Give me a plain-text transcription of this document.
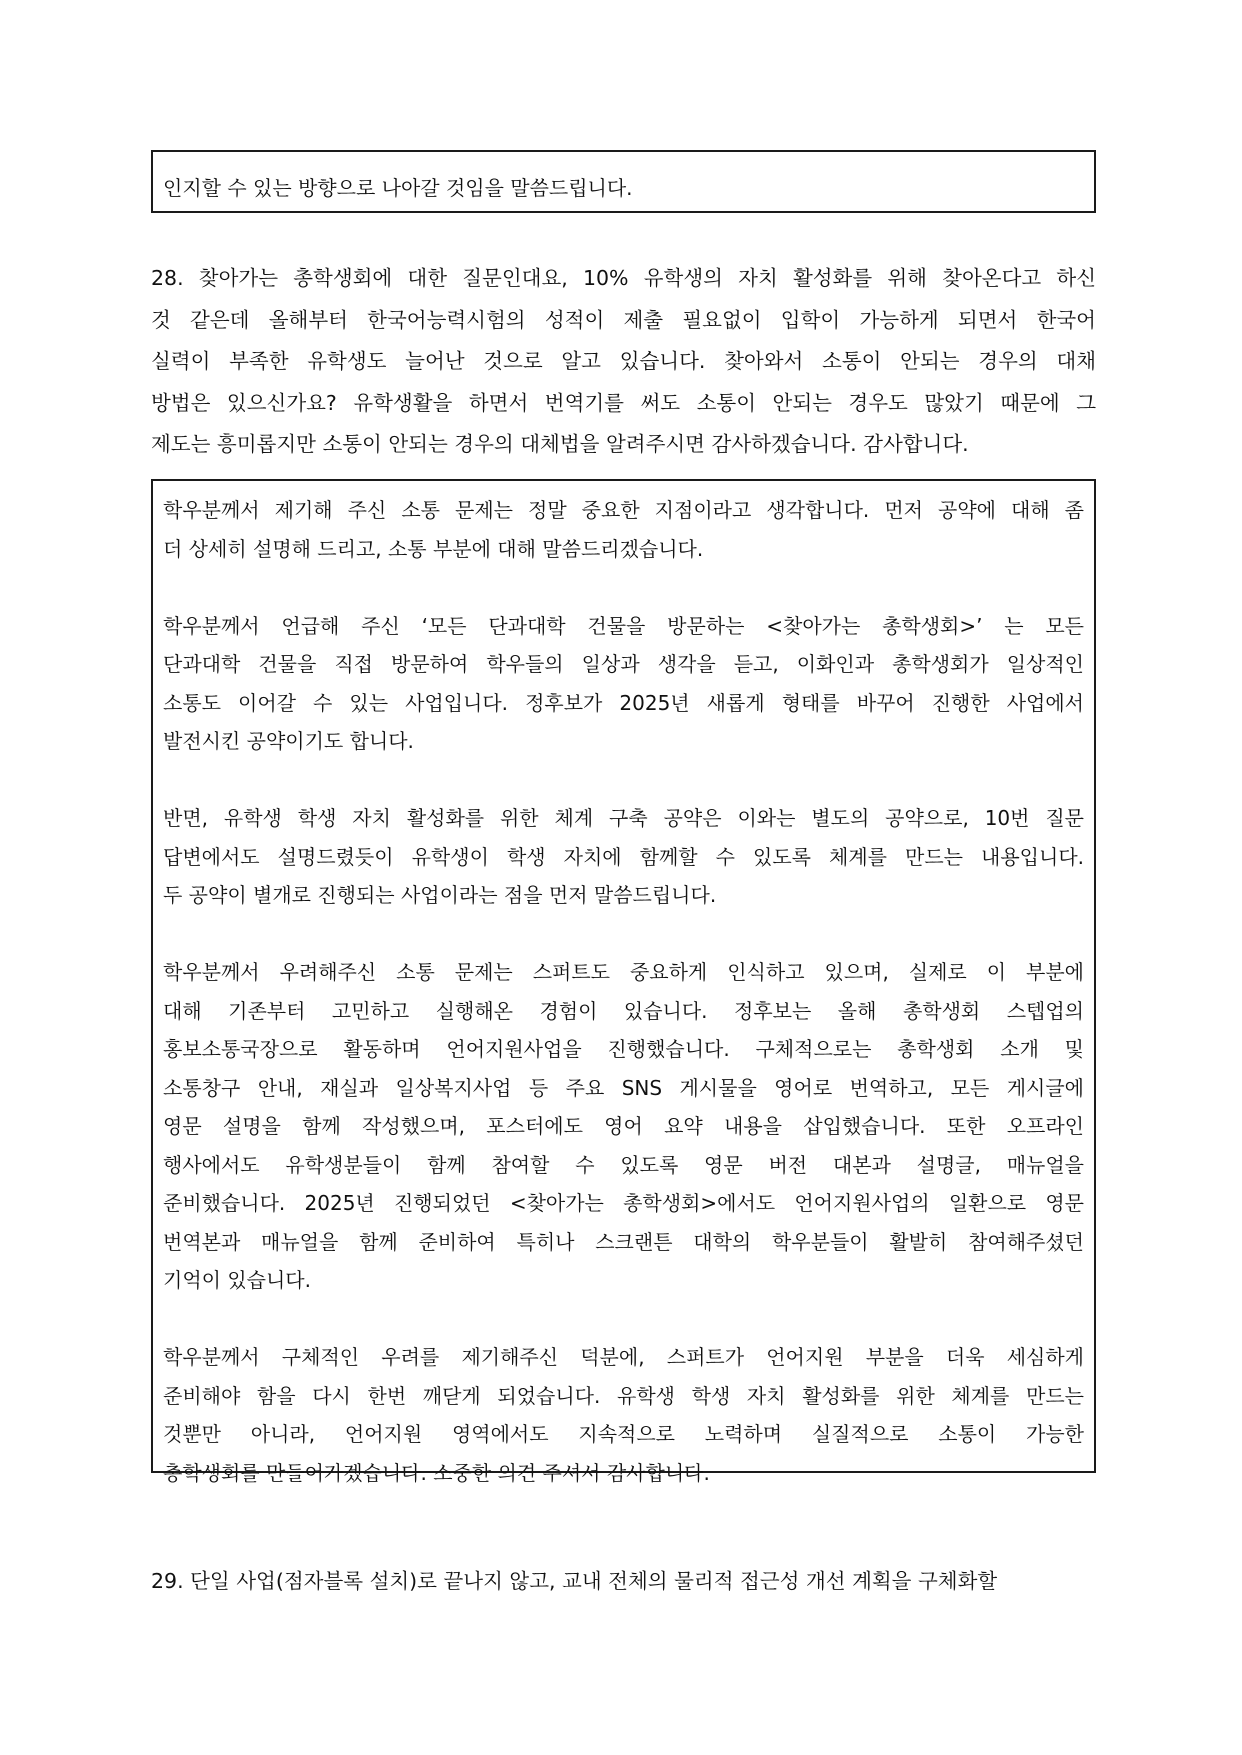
인지할 수 있는 방향으로 나아갈 것임을 말씀드립니다.
28. 찾아가는 총학생회에 대한 질문인대요, 10% 유학생의 자치 활성화를 위해 찾아온다고 하신
것 같은데 올해부터 한국어능력시험의 성적이 제출 필요없이 입학이 가능하게 되면서 한국어
실력이 부족한 유학생도 늘어난 것으로 알고 있습니다. 찾아와서 소통이 안되는 경우의 대채
방법은 있으신가요? 유학생활을 하면서 번역기를 써도 소통이 안되는 경우도 많았기 때문에 그
제도는 흥미롭지만 소통이 안되는 경우의 대체법을 알려주시면 감사하겠습니다. 감사합니다.
학우분께서 제기해 주신 소통 문제는 정말 중요한 지점이라고 생각합니다. 먼저 공약에 대해 좀
더 상세히 설명해 드리고, 소통 부분에 대해 말씀드리겠습니다.
학우분께서 언급해 주신 ‘모든 단과대학 건물을 방문하는 <찾아가는 총학생회>’ 는 모든
단과대학 건물을 직접 방문하여 학우들의 일상과 생각을 듣고, 이화인과 총학생회가 일상적인
소통도 이어갈 수 있는 사업입니다. 정후보가 2025년 새롭게 형태를 바꾸어 진행한 사업에서
발전시킨 공약이기도 합니다.
반면, 유학생 학생 자치 활성화를 위한 체계 구축 공약은 이와는 별도의 공약으로, 10번 질문
답변에서도 설명드렸듯이 유학생이 학생 자치에 함께할 수 있도록 체계를 만드는 내용입니다.
두 공약이 별개로 진행되는 사업이라는 점을 먼저 말씀드립니다.
학우분께서 우려해주신 소통 문제는 스퍼트도 중요하게 인식하고 있으며, 실제로 이 부분에
대해 기존부터 고민하고 실행해온 경험이 있습니다. 정후보는 올해 총학생회 스텝업의
홍보소통국장으로 활동하며 언어지원사업을 진행했습니다. 구체적으로는 총학생회 소개 및
소통창구 안내, 재실과 일상복지사업 등 주요 SNS 게시물을 영어로 번역하고, 모든 게시글에
영문 설명을 함께 작성했으며, 포스터에도 영어 요약 내용을 삽입했습니다. 또한 오프라인
행사에서도 유학생분들이 함께 참여할 수 있도록 영문 버전 대본과 설명글, 매뉴얼을
준비했습니다. 2025년 진행되었던 <찾아가는 총학생회>에서도 언어지원사업의 일환으로 영문
번역본과 매뉴얼을 함께 준비하여 특히나 스크랜튼 대학의 학우분들이 활발히 참여해주셨던
기억이 있습니다.
학우분께서 구체적인 우려를 제기해주신 덕분에, 스퍼트가 언어지원 부분을 더욱 세심하게
준비해야 함을 다시 한번 깨닫게 되었습니다. 유학생 학생 자치 활성화를 위한 체계를 만드는
것뿐만 아니라, 언어지원 영역에서도 지속적으로 노력하며 실질적으로 소통이 가능한
총학생회를 만들어가겠습니다. 소중한 의견 주셔서 감사합니다.
29. 단일 사업(점자블록 설치)로 끝나지 않고, 교내 전체의 물리적 접근성 개선 계획을 구체화할
